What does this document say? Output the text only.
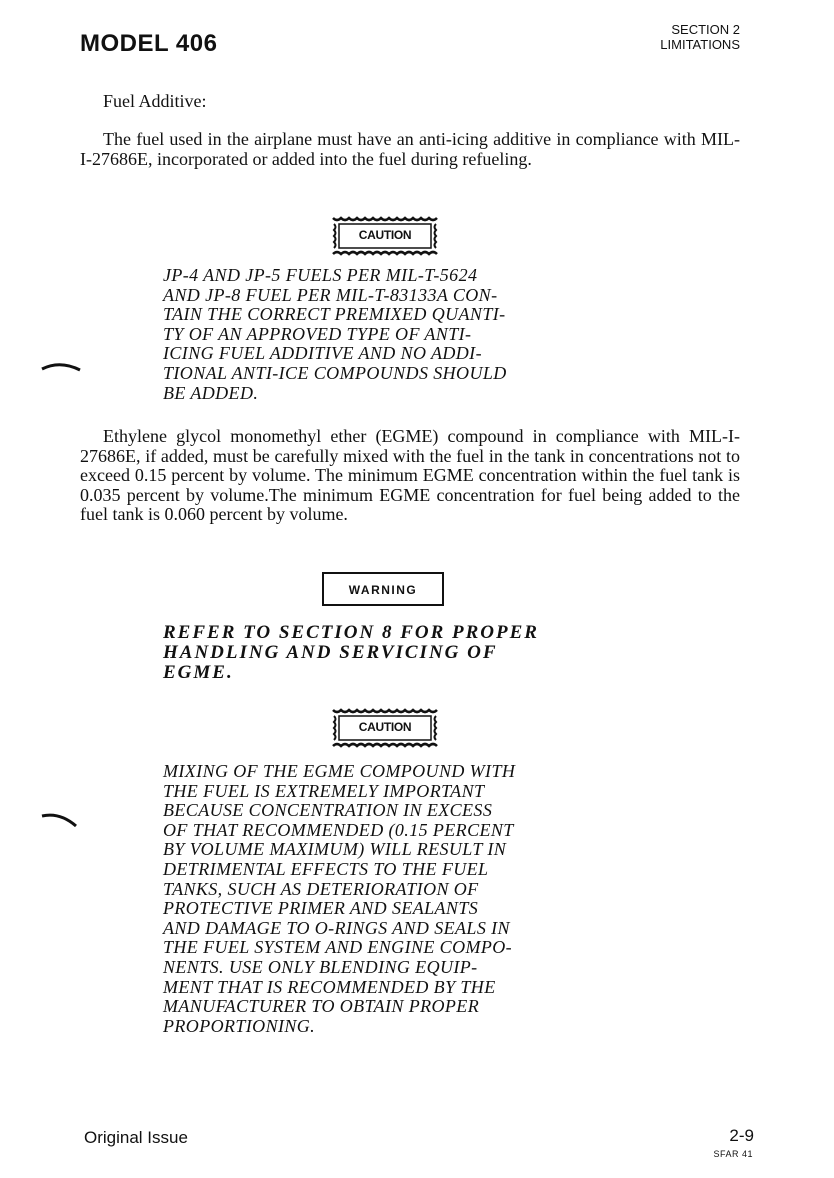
MODEL 406
SECTION 2
LIMITATIONS
Fuel Additive:
The fuel used in the airplane must have an anti-icing additive in compliance with MIL-I-27686E, incorporated or added into the fuel during refueling.
CAUTION
JP-4 AND JP-5 FUELS PER MIL-T-5624
AND JP-8 FUEL PER MIL-T-83133A CON-
TAIN THE CORRECT PREMIXED QUANTI-
TY OF AN APPROVED TYPE OF ANTI-
ICING FUEL ADDITIVE AND NO ADDI-
TIONAL ANTI-ICE COMPOUNDS SHOULD
BE ADDED.
Ethylene glycol monomethyl ether (EGME) compound in compliance with MIL-I-27686E, if added, must be carefully mixed with the fuel in the tank in concentrations not to exceed 0.15 percent by volume. The minimum EGME concentration within the fuel tank is 0.035 percent by volume.The minimum EGME concentration for fuel being added to the fuel tank is 0.060 percent by volume.
WARNING
REFER TO SECTION 8 FOR PROPER
HANDLING AND SERVICING OF
EGME.
CAUTION
MIXING OF THE EGME COMPOUND WITH
THE FUEL IS EXTREMELY IMPORTANT
BECAUSE CONCENTRATION IN EXCESS
OF THAT RECOMMENDED (0.15 PERCENT
BY VOLUME MAXIMUM) WILL RESULT IN
DETRIMENTAL EFFECTS TO THE FUEL
TANKS, SUCH AS DETERIORATION OF
PROTECTIVE PRIMER AND SEALANTS
AND DAMAGE TO O-RINGS AND SEALS IN
THE FUEL SYSTEM AND ENGINE COMPO-
NENTS. USE ONLY BLENDING EQUIP-
MENT THAT IS RECOMMENDED BY THE
MANUFACTURER TO OBTAIN PROPER
PROPORTIONING.
Original Issue	2-9
SFAR 41
